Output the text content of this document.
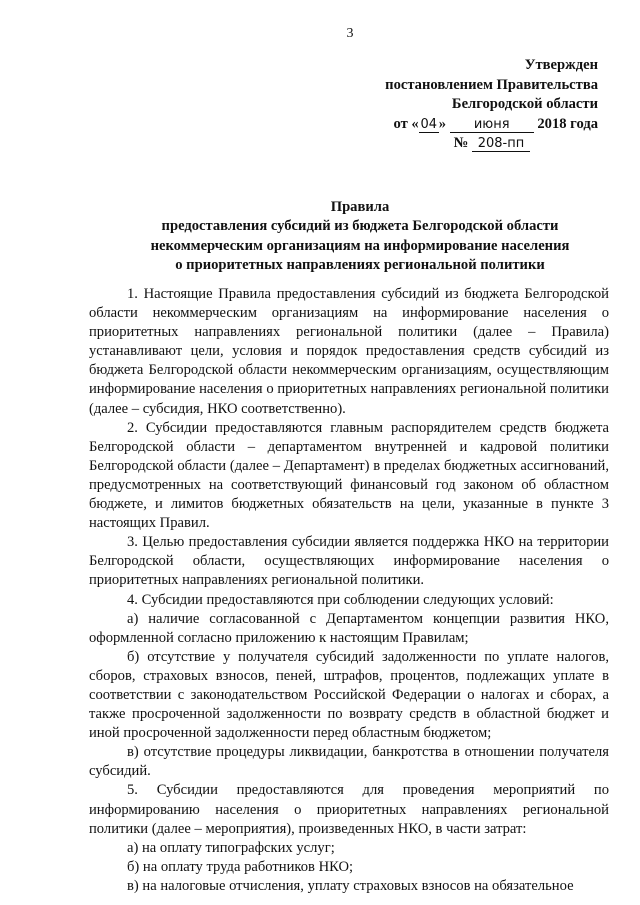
3
Утвержден
постановлением Правительства
Белгородской области
от « 04 » июня 2018 года
№ 208-пп
Правила
предоставления субсидий из бюджета Белгородской области
некоммерческим организациям на информирование населения
о приоритетных направлениях региональной политики

1. Настоящие Правила предоставления субсидий из бюджета Белгородской области некоммерческим организациям на информирование населения о приоритетных направлениях региональной политики (далее – Правила) устанавливают цели, условия и порядок предоставления средств субсидий из бюджета Белгородской области некоммерческим организациям, осуществляющим информирование населения о приоритетных направлениях региональной политики (далее – субсидия, НКО соответственно).

2. Субсидии предоставляются главным распорядителем средств бюджета Белгородской области – департаментом внутренней и кадровой политики Белгородской области (далее – Департамент) в пределах бюджетных ассигнований, предусмотренных на соответствующий финансовый год законом об областном бюджете, и лимитов бюджетных обязательств на цели, указанные в пункте 3 настоящих Правил.

3. Целью предоставления субсидии является поддержка НКО на территории Белгородской области, осуществляющих информирование населения о приоритетных направлениях региональной политики.

4. Субсидии предоставляются при соблюдении следующих условий:

а) наличие согласованной с Департаментом концепции развития НКО, оформленной согласно приложению к настоящим Правилам;

б) отсутствие у получателя субсидий задолженности по уплате налогов, сборов, страховых взносов, пеней, штрафов, процентов, подлежащих уплате в соответствии с законодательством Российской Федерации о налогах и сборах, а также просроченной задолженности по возврату средств в областной бюджет и иной просроченной задолженности перед областным бюджетом;

в) отсутствие процедуры ликвидации, банкротства в отношении получателя субсидий.

5. Субсидии предоставляются для проведения мероприятий по информированию населения о приоритетных направлениях региональной политики (далее – мероприятия), произведенных НКО, в части затрат:

а) на оплату типографских услуг;

б) на оплату труда работников НКО;

в) на налоговые отчисления, уплату страховых взносов на обязательное
